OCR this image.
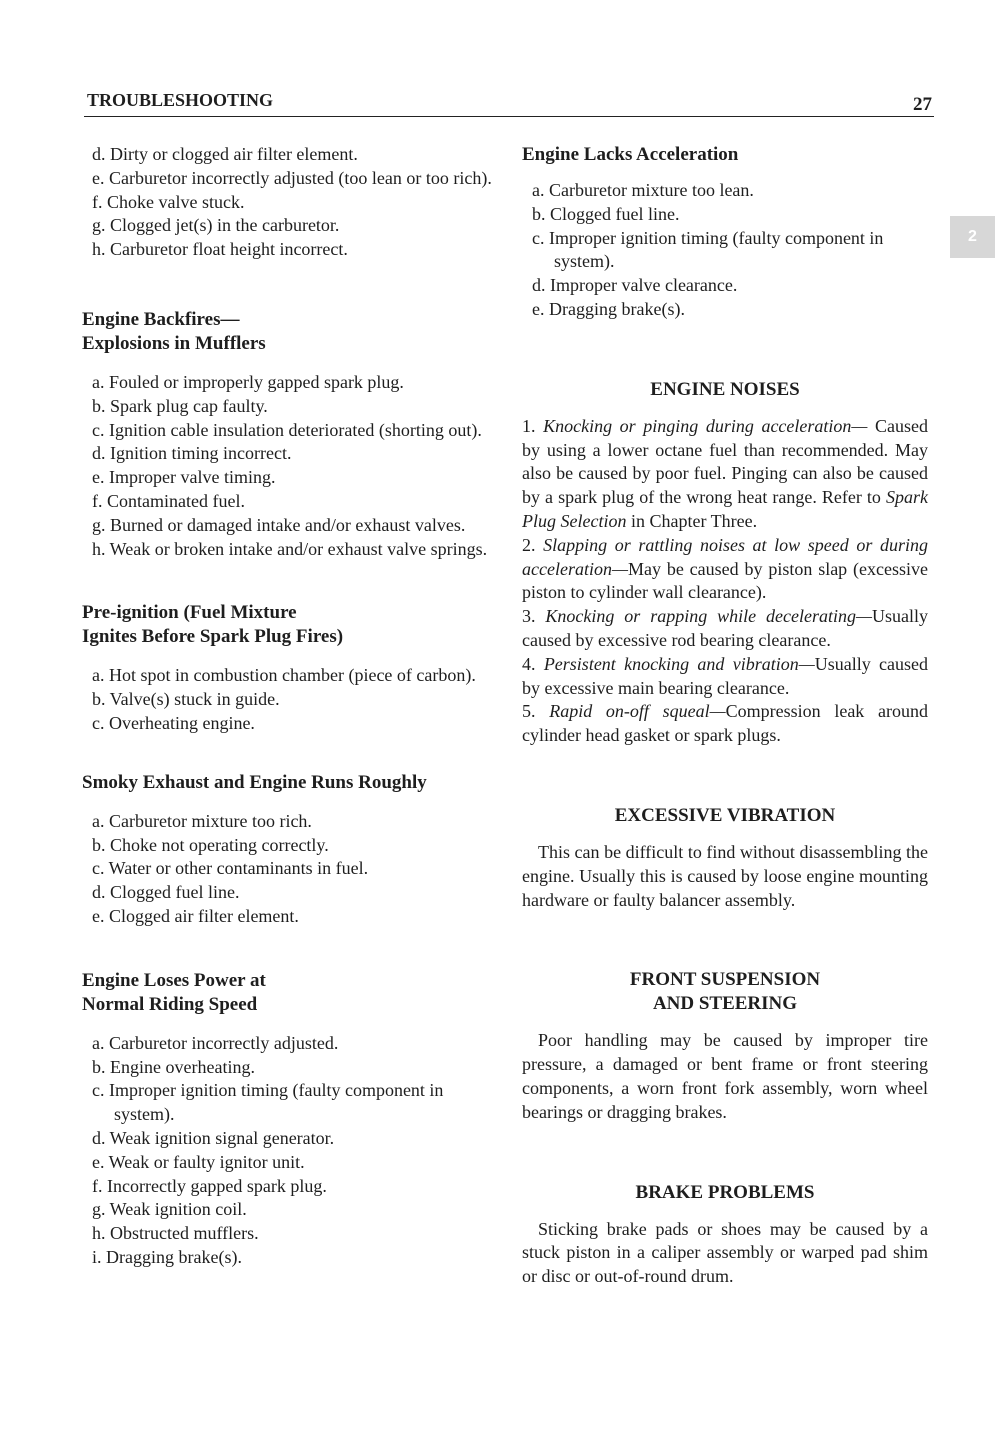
TROUBLESHOOTING	27
2
d. Dirty or clogged air filter element.
e. Carburetor incorrectly adjusted (too lean or too rich).
f. Choke valve stuck.
g. Clogged jet(s) in the carburetor.
h. Carburetor float height incorrect.
Engine Backfires—
Explosions in Mufflers
a. Fouled or improperly gapped spark plug.
b. Spark plug cap faulty.
c. Ignition cable insulation deteriorated (shorting out).
d. Ignition timing incorrect.
e. Improper valve timing.
f. Contaminated fuel.
g. Burned or damaged intake and/or exhaust valves.
h. Weak or broken intake and/or exhaust valve springs.
Pre-ignition (Fuel Mixture
Ignites Before Spark Plug Fires)
a. Hot spot in combustion chamber (piece of carbon).
b. Valve(s) stuck in guide.
c. Overheating engine.
Smoky Exhaust and Engine Runs Roughly
a. Carburetor mixture too rich.
b. Choke not operating correctly.
c. Water or other contaminants in fuel.
d. Clogged fuel line.
e. Clogged air filter element.
Engine Loses Power at
Normal Riding Speed
a. Carburetor incorrectly adjusted.
b. Engine overheating.
c. Improper ignition timing (faulty component in system).
d. Weak ignition signal generator.
e. Weak or faulty ignitor unit.
f. Incorrectly gapped spark plug.
g. Weak ignition coil.
h. Obstructed mufflers.
i. Dragging brake(s).
Engine Lacks Acceleration
a. Carburetor mixture too lean.
b. Clogged fuel line.
c. Improper ignition timing (faulty component in system).
d. Improper valve clearance.
e. Dragging brake(s).
ENGINE NOISES

1. Knocking or pinging during acceleration— Caused by using a lower octane fuel than recommended. May also be caused by poor fuel. Pinging can also be caused by a spark plug of the wrong heat range. Refer to Spark Plug Selection in Chapter Three.

2. Slapping or rattling noises at low speed or during acceleration—May be caused by piston slap (excessive piston to cylinder wall clearance).

3. Knocking or rapping while decelerating—Usually caused by excessive rod bearing clearance.

4. Persistent knocking and vibration—Usually caused by excessive main bearing clearance.

5. Rapid on-off squeal—Compression leak around cylinder head gasket or spark plugs.

EXCESSIVE VIBRATION

This can be difficult to find without disassembling the engine. Usually this is caused by loose engine mounting hardware or faulty balancer assembly.

FRONT SUSPENSION
AND STEERING

Poor handling may be caused by improper tire pressure, a damaged or bent frame or front steering components, a worn front fork assembly, worn wheel bearings or dragging brakes.

BRAKE PROBLEMS

Sticking brake pads or shoes may be caused by a stuck piston in a caliper assembly or warped pad shim or disc or out-of-round drum.
